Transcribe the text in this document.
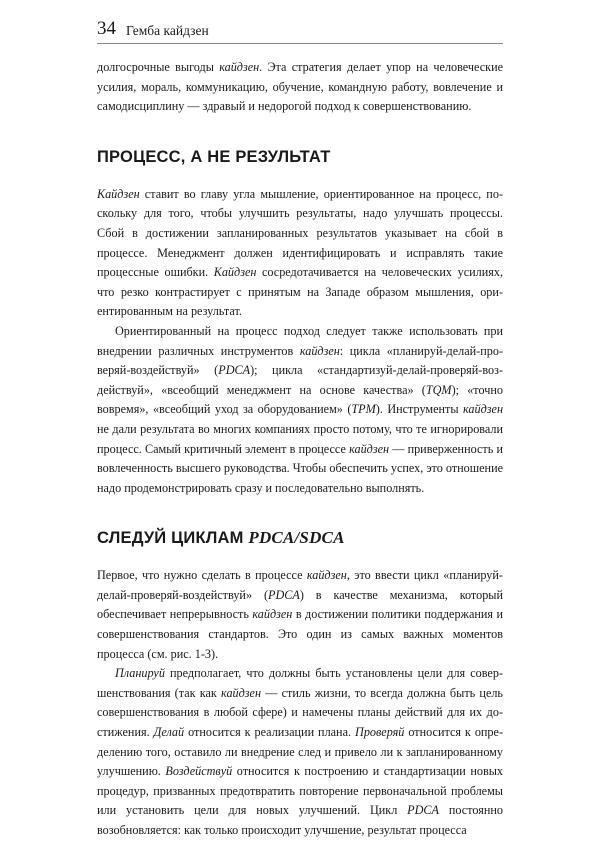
34 Гемба кайдзен

долгосрочные выгоды кайдзен. Эта стратегия делает упор на человеческие усилия, мораль, коммуникацию, обучение, командную работу, вовлечение и самодисциплину — здравый и недорогой подход к совершенствованию.

ПРОЦЕСС, А НЕ РЕЗУЛЬТАТ

Кайдзен ставит во главу угла мышление, ориентированное на процесс, поскольку для того, чтобы улучшить результаты, надо улучшать процессы. Сбой в достижении запланированных результатов указывает на сбой в процессе. Менеджмент должен идентифицировать и исправлять такие процессные ошибки. Кайдзен сосредотачивается на человеческих усилиях, что резко контрастирует с принятым на Западе образом мышления, ориентированным на результат.

Ориентированный на процесс подход следует также использовать при внедрении различных инструментов кайдзен: цикла «планируй-делай-проверяй-воздействуй» (PDCA); цикла «стандартизуй-делай-проверяй-воздействуй», «всеобщий менеджмент на основе качества» (TQM); «точно вовремя», «всеобщий уход за оборудованием» (TPM). Инструменты кайдзен не дали результата во многих компаниях просто потому, что те игнорировали процесс. Самый критичный элемент в процессе кайдзен — приверженность и вовлеченность высшего руководства. Чтобы обеспечить успех, это отношение надо продемонстрировать сразу и последовательно выполнять.

СЛЕДУЙ ЦИКЛАМ PDCA/SDCA

Первое, что нужно сделать в процессе кайдзен, это ввести цикл «планируй-делай-проверяй-воздействуй» (PDCA) в качестве механизма, который обеспечивает непрерывность кайдзен в достижении политики поддержания и совершенствования стандартов. Это один из самых важных моментов процесса (см. рис. 1-3).

Планируй предполагает, что должны быть установлены цели для совершенствования (так как кайдзен — стиль жизни, то всегда должна быть цель совершенствования в любой сфере) и намечены планы действий для их достижения. Делай относится к реализации плана. Проверяй относится к определению того, оставило ли внедрение след и привело ли к запланированному улучшению. Воздействуй относится к построению и стандартизации новых процедур, призванных предотвратить повторение первоначальной проблемы или установить цели для новых улучшений. Цикл PDCA постоянно возобновляется: как только происходит улучшение, результат процесса
